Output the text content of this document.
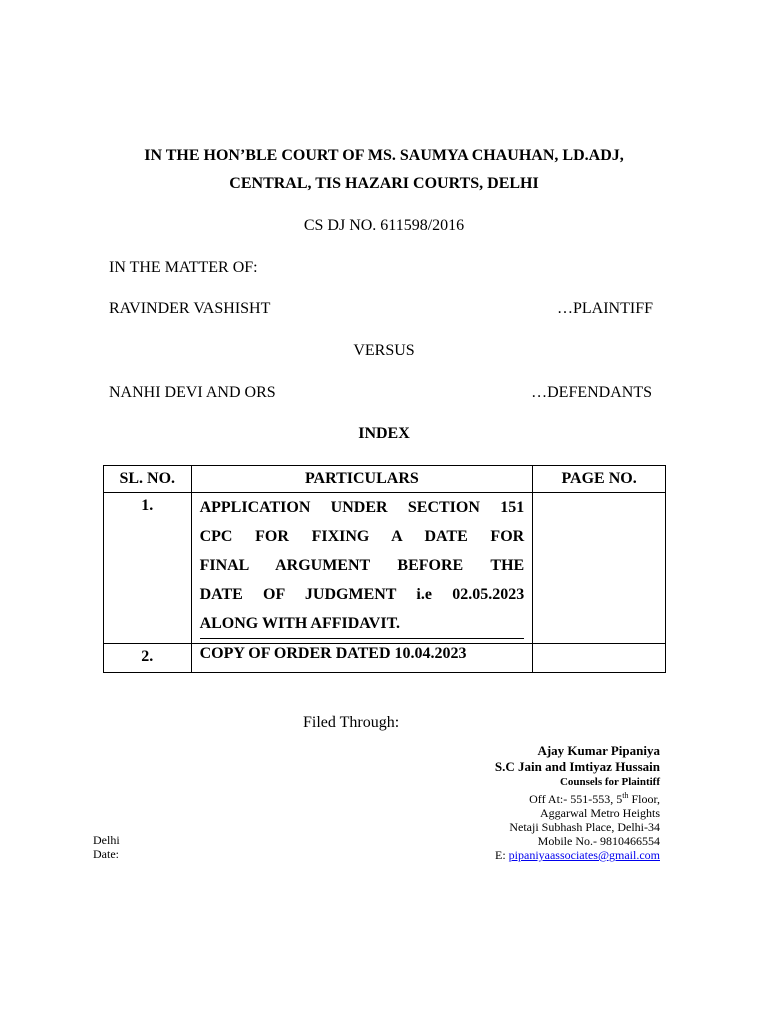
IN THE HON’BLE COURT OF MS. SAUMYA CHAUHAN, LD.ADJ,
CENTRAL, TIS HAZARI COURTS, DELHI
CS DJ NO. 611598/2016
IN THE MATTER OF:
RAVINDER VASHISHT	…PLAINTIFF
VERSUS
NANHI DEVI AND ORS	…DEFENDANTS
INDEX
SL. NO.	PARTICULARS	PAGE NO.

1.	APPLICATION UNDER SECTION 151
CPC FOR FIXING A DATE FOR
FINAL ARGUMENT BEFORE THE
DATE OF JUDGMENT i.e 02.05.2023
ALONG WITH AFFIDAVIT.	

2.	COPY OF ORDER DATED 10.04.2023	
Filed Through:
Ajay Kumar Pipaniya
S.C Jain and Imtiyaz Hussain
Counsels for Plaintiff
Off At:- 551-553, 5th Floor,
Aggarwal Metro Heights
Netaji Subhash Place, Delhi-34
Mobile No.- 9810466554
E: pipaniyaassociates@gmail.com
Delhi
Date:
